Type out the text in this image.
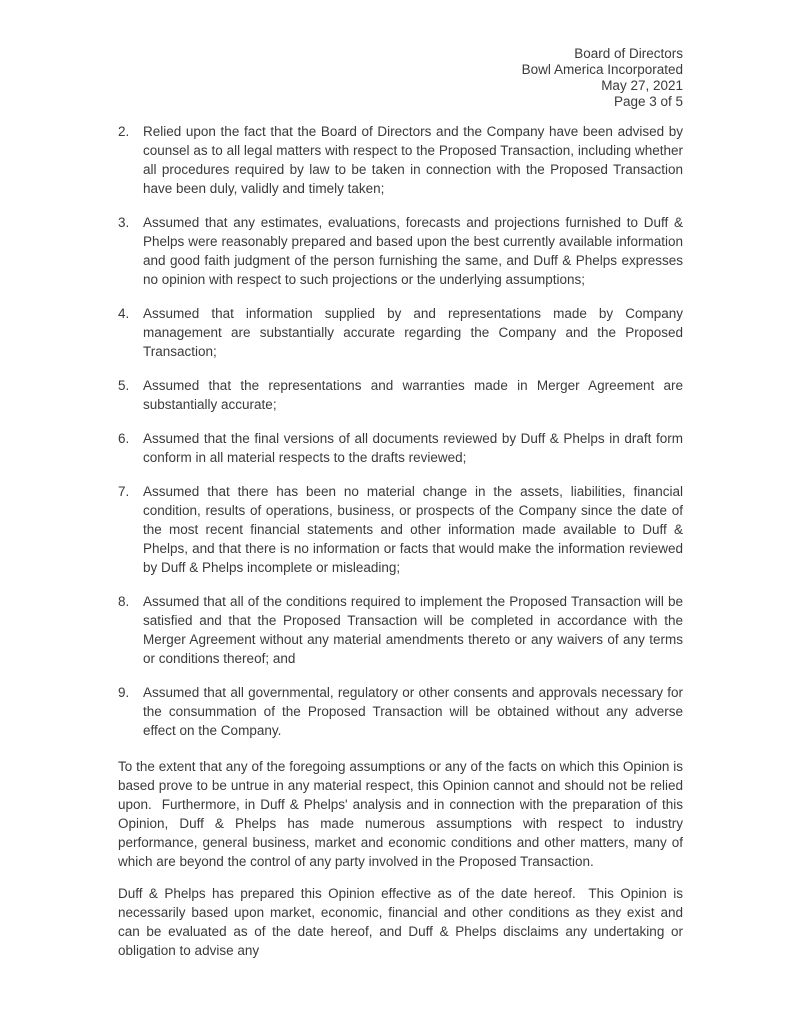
Board of Directors
Bowl America Incorporated
May 27, 2021
Page 3 of 5
2.	Relied upon the fact that the Board of Directors and the Company have been advised by counsel as to all legal matters with respect to the Proposed Transaction, including whether all procedures required by law to be taken in connection with the Proposed Transaction have been duly, validly and timely taken;
3.	Assumed that any estimates, evaluations, forecasts and projections furnished to Duff & Phelps were reasonably prepared and based upon the best currently available information and good faith judgment of the person furnishing the same, and Duff & Phelps expresses no opinion with respect to such projections or the underlying assumptions;
4.	Assumed that information supplied by and representations made by Company management are substantially accurate regarding the Company and the Proposed Transaction;
5.	Assumed that the representations and warranties made in Merger Agreement are substantially accurate;
6.	Assumed that the final versions of all documents reviewed by Duff & Phelps in draft form conform in all material respects to the drafts reviewed;
7.	Assumed that there has been no material change in the assets, liabilities, financial condition, results of operations, business, or prospects of the Company since the date of the most recent financial statements and other information made available to Duff & Phelps, and that there is no information or facts that would make the information reviewed by Duff & Phelps incomplete or misleading;
8.	Assumed that all of the conditions required to implement the Proposed Transaction will be satisfied and that the Proposed Transaction will be completed in accordance with the Merger Agreement without any material amendments thereto or any waivers of any terms or conditions thereof; and
9.	Assumed that all governmental, regulatory or other consents and approvals necessary for the consummation of the Proposed Transaction will be obtained without any adverse effect on the Company.

To the extent that any of the foregoing assumptions or any of the facts on which this Opinion is based prove to be untrue in any material respect, this Opinion cannot and should not be relied upon.  Furthermore, in Duff & Phelps' analysis and in connection with the preparation of this Opinion, Duff & Phelps has made numerous assumptions with respect to industry performance, general business, market and economic conditions and other matters, many of which are beyond the control of any party involved in the Proposed Transaction.

Duff & Phelps has prepared this Opinion effective as of the date hereof.  This Opinion is necessarily based upon market, economic, financial and other conditions as they exist and can be evaluated as of the date hereof, and Duff & Phelps disclaims any undertaking or obligation to advise any
